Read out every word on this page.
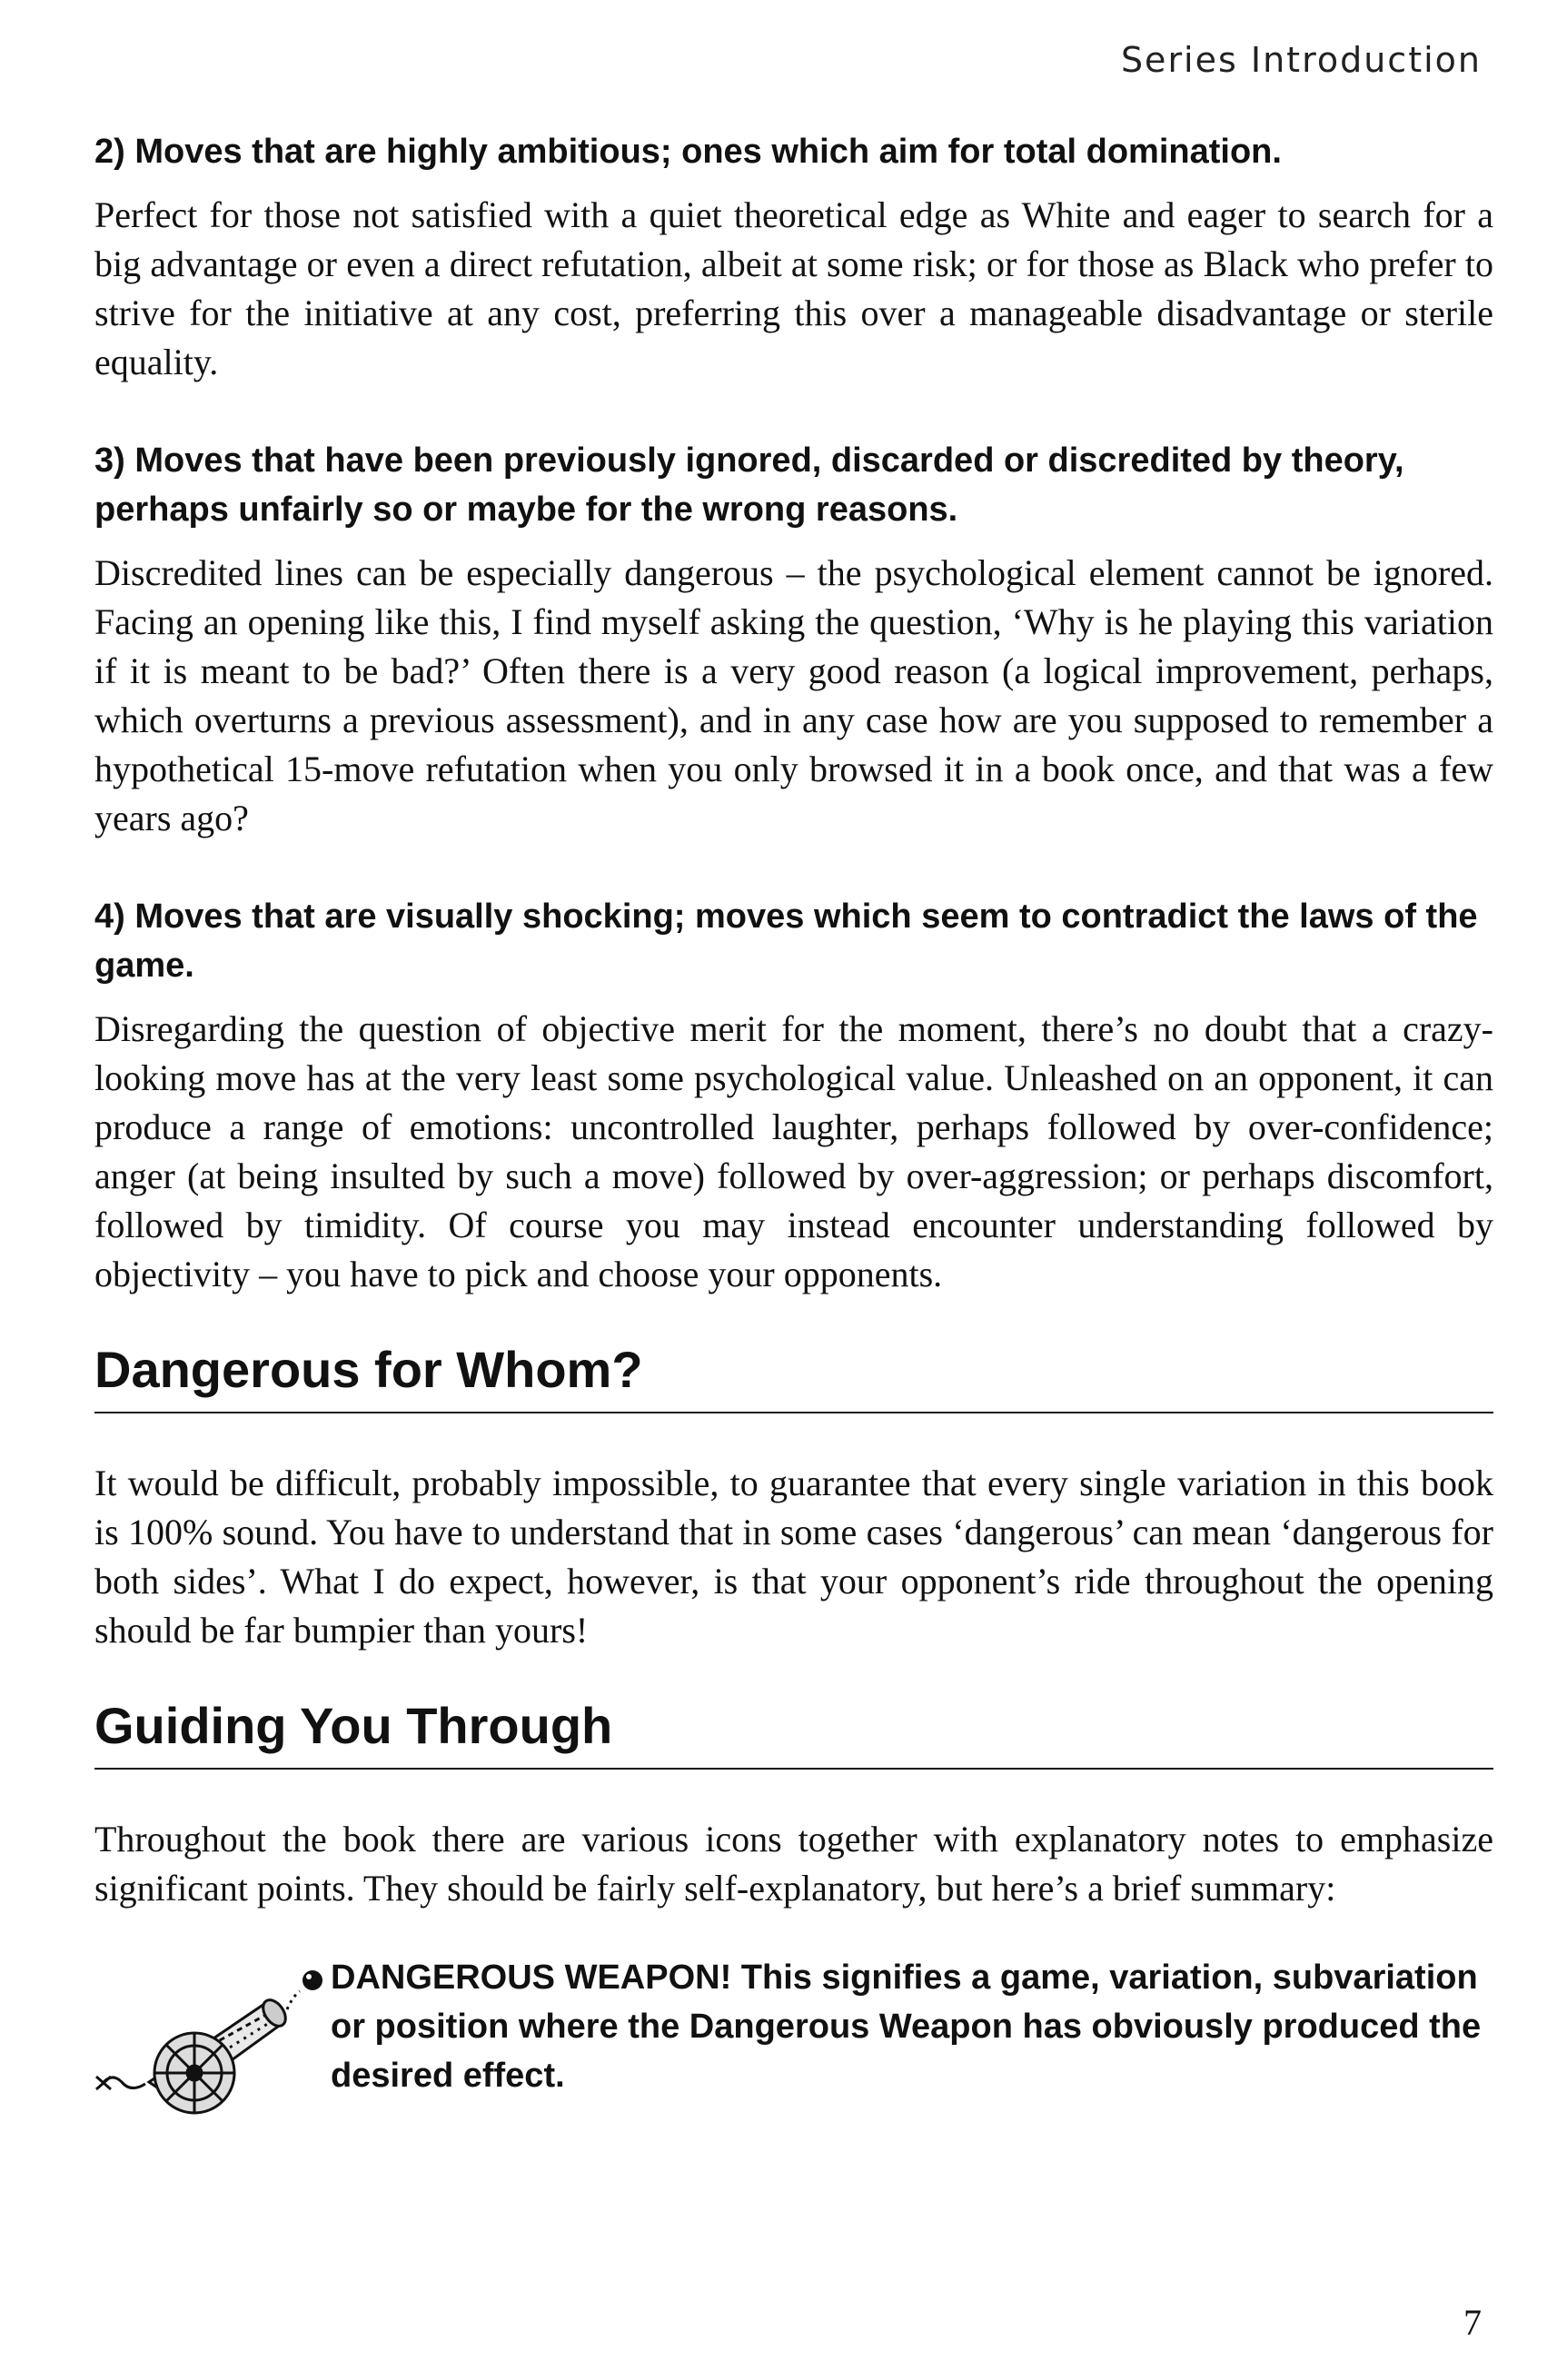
Series Introduction
2) Moves that are highly ambitious; ones which aim for total domination.

Perfect for those not satisfied with a quiet theoretical edge as White and eager to search for a big advantage or even a direct refutation, albeit at some risk; or for those as Black who prefer to strive for the initiative at any cost, preferring this over a manageable disadvantage or sterile equality.

3) Moves that have been previously ignored, discarded or discredited by theory, perhaps unfairly so or maybe for the wrong reasons.

Discredited lines can be especially dangerous – the psychological element cannot be ignored. Facing an opening like this, I find myself asking the question, ‘Why is he playing this variation if it is meant to be bad?’ Often there is a very good reason (a logical improvement, perhaps, which overturns a previous assessment), and in any case how are you supposed to remember a hypothetical 15-move refutation when you only browsed it in a book once, and that was a few years ago?

4) Moves that are visually shocking; moves which seem to contradict the laws of the game.

Disregarding the question of objective merit for the moment, there’s no doubt that a crazy-looking move has at the very least some psychological value. Unleashed on an opponent, it can produce a range of emotions: uncontrolled laughter, perhaps followed by over-confidence; anger (at being insulted by such a move) followed by over-aggression; or perhaps discomfort, followed by timidity. Of course you may instead encounter understanding followed by objectivity – you have to pick and choose your opponents.

Dangerous for Whom?

It would be difficult, probably impossible, to guarantee that every single variation in this book is 100% sound. You have to understand that in some cases ‘dangerous’ can mean ‘dangerous for both sides’. What I do expect, however, is that your opponent’s ride throughout the opening should be far bumpier than yours!

Guiding You Through

Throughout the book there are various icons together with explanatory notes to emphasize significant points. They should be fairly self-explanatory, but here’s a brief summary:

DANGEROUS WEAPON! This signifies a game, variation, subvariation or position where the Dangerous Weapon has obviously produced the desired effect.
7
